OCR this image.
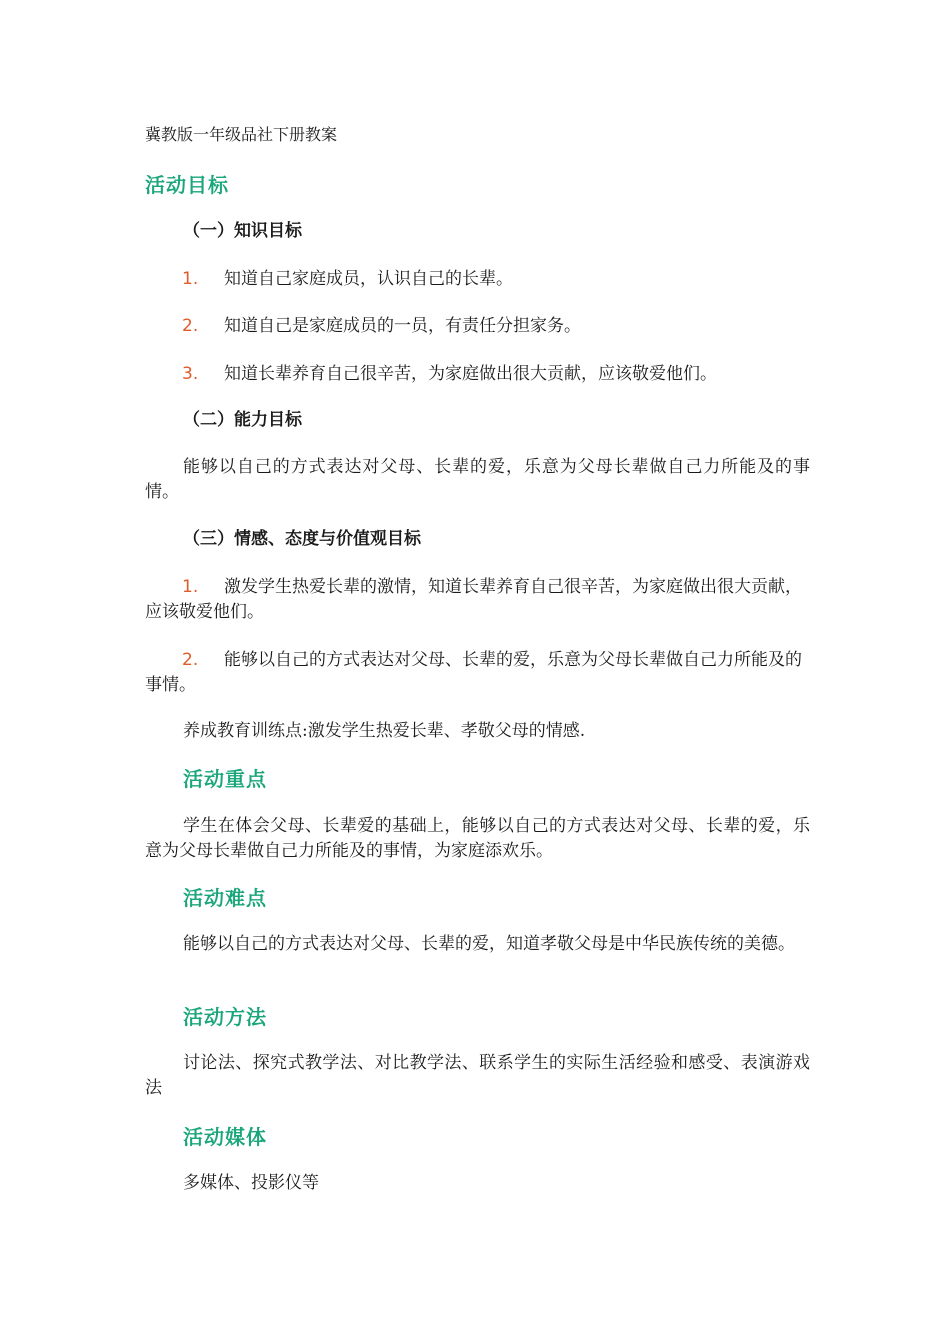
冀教版一年级品社下册教案
活动目标
（一）知识目标
1.	知道自己家庭成员，认识自己的长辈。
2.	知道自己是家庭成员的一员，有责任分担家务。
3.	知道长辈养育自己很辛苦，为家庭做出很大贡献，应该敬爱他们。
（二）能力目标
能够以自己的方式表达对父母、长辈的爱，乐意为父母长辈做自己力所能及的事情。
（三）情感、态度与价值观目标
1.	激发学生热爱长辈的激情，知道长辈养育自己很辛苦，为家庭做出很大贡献，应该敬爱他们。
2.	能够以自己的方式表达对父母、长辈的爱，乐意为父母长辈做自己力所能及的事情。
养成教育训练点:激发学生热爱长辈、孝敬父母的情感.
活动重点
学生在体会父母、长辈爱的基础上，能够以自己的方式表达对父母、长辈的爱，乐意为父母长辈做自己力所能及的事情，为家庭添欢乐。
活动难点
能够以自己的方式表达对父母、长辈的爱，知道孝敬父母是中华民族传统的美德。
活动方法
讨论法、探究式教学法、对比教学法、联系学生的实际生活经验和感受、表演游戏法
活动媒体
多媒体、投影仪等
